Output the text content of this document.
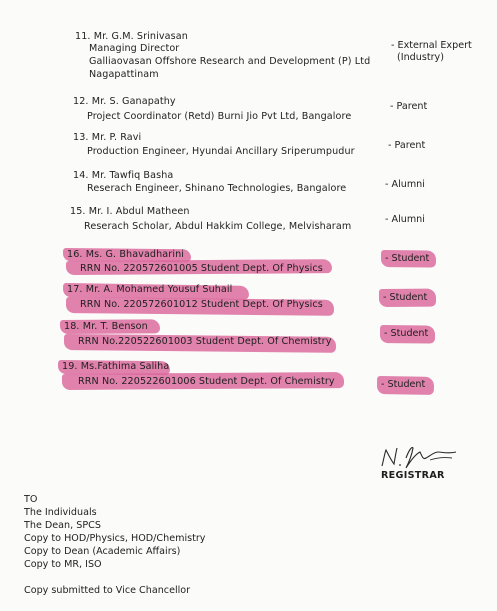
11. Mr. G.M. Srinivasan
Managing Director
Galliaovasan Offshore Research and Development (P) Ltd
Nagapattinam
- External Expert
(Industry)
12. Mr. S. Ganapathy
Project Coordinator (Retd) Burni Jio Pvt Ltd, Bangalore
- Parent
13. Mr. P. Ravi
Production Engineer, Hyundai Ancillary Sriperumpudur
- Parent
14. Mr. Tawfiq Basha
Reserach Engineer, Shinano Technologies, Bangalore	- Alumni
15. Mr. I. Abdul Matheen
Reserach Scholar, Abdul Hakkim College, Melvisharam
- Alumni
16. Ms. G. Bhavadharini
RRN No. 220572601005 Student Dept. Of Physics
- Student
17. Mr. A. Mohamed Yousuf Suhail
RRN No. 220572601012 Student Dept. Of Physics
- Student
18. Mr. T. Benson
RRN No.220522601003 Student Dept. Of Chemistry
- Student
19. Ms.Fathima Saliha
RRN No. 220522601006 Student Dept. Of Chemistry	- Student
REGISTRAR
TO
The Individuals
The Dean, SPCS
Copy to HOD/Physics, HOD/Chemistry
Copy to Dean (Academic Affairs)
Copy to MR, ISO
Copy submitted to Vice Chancellor
